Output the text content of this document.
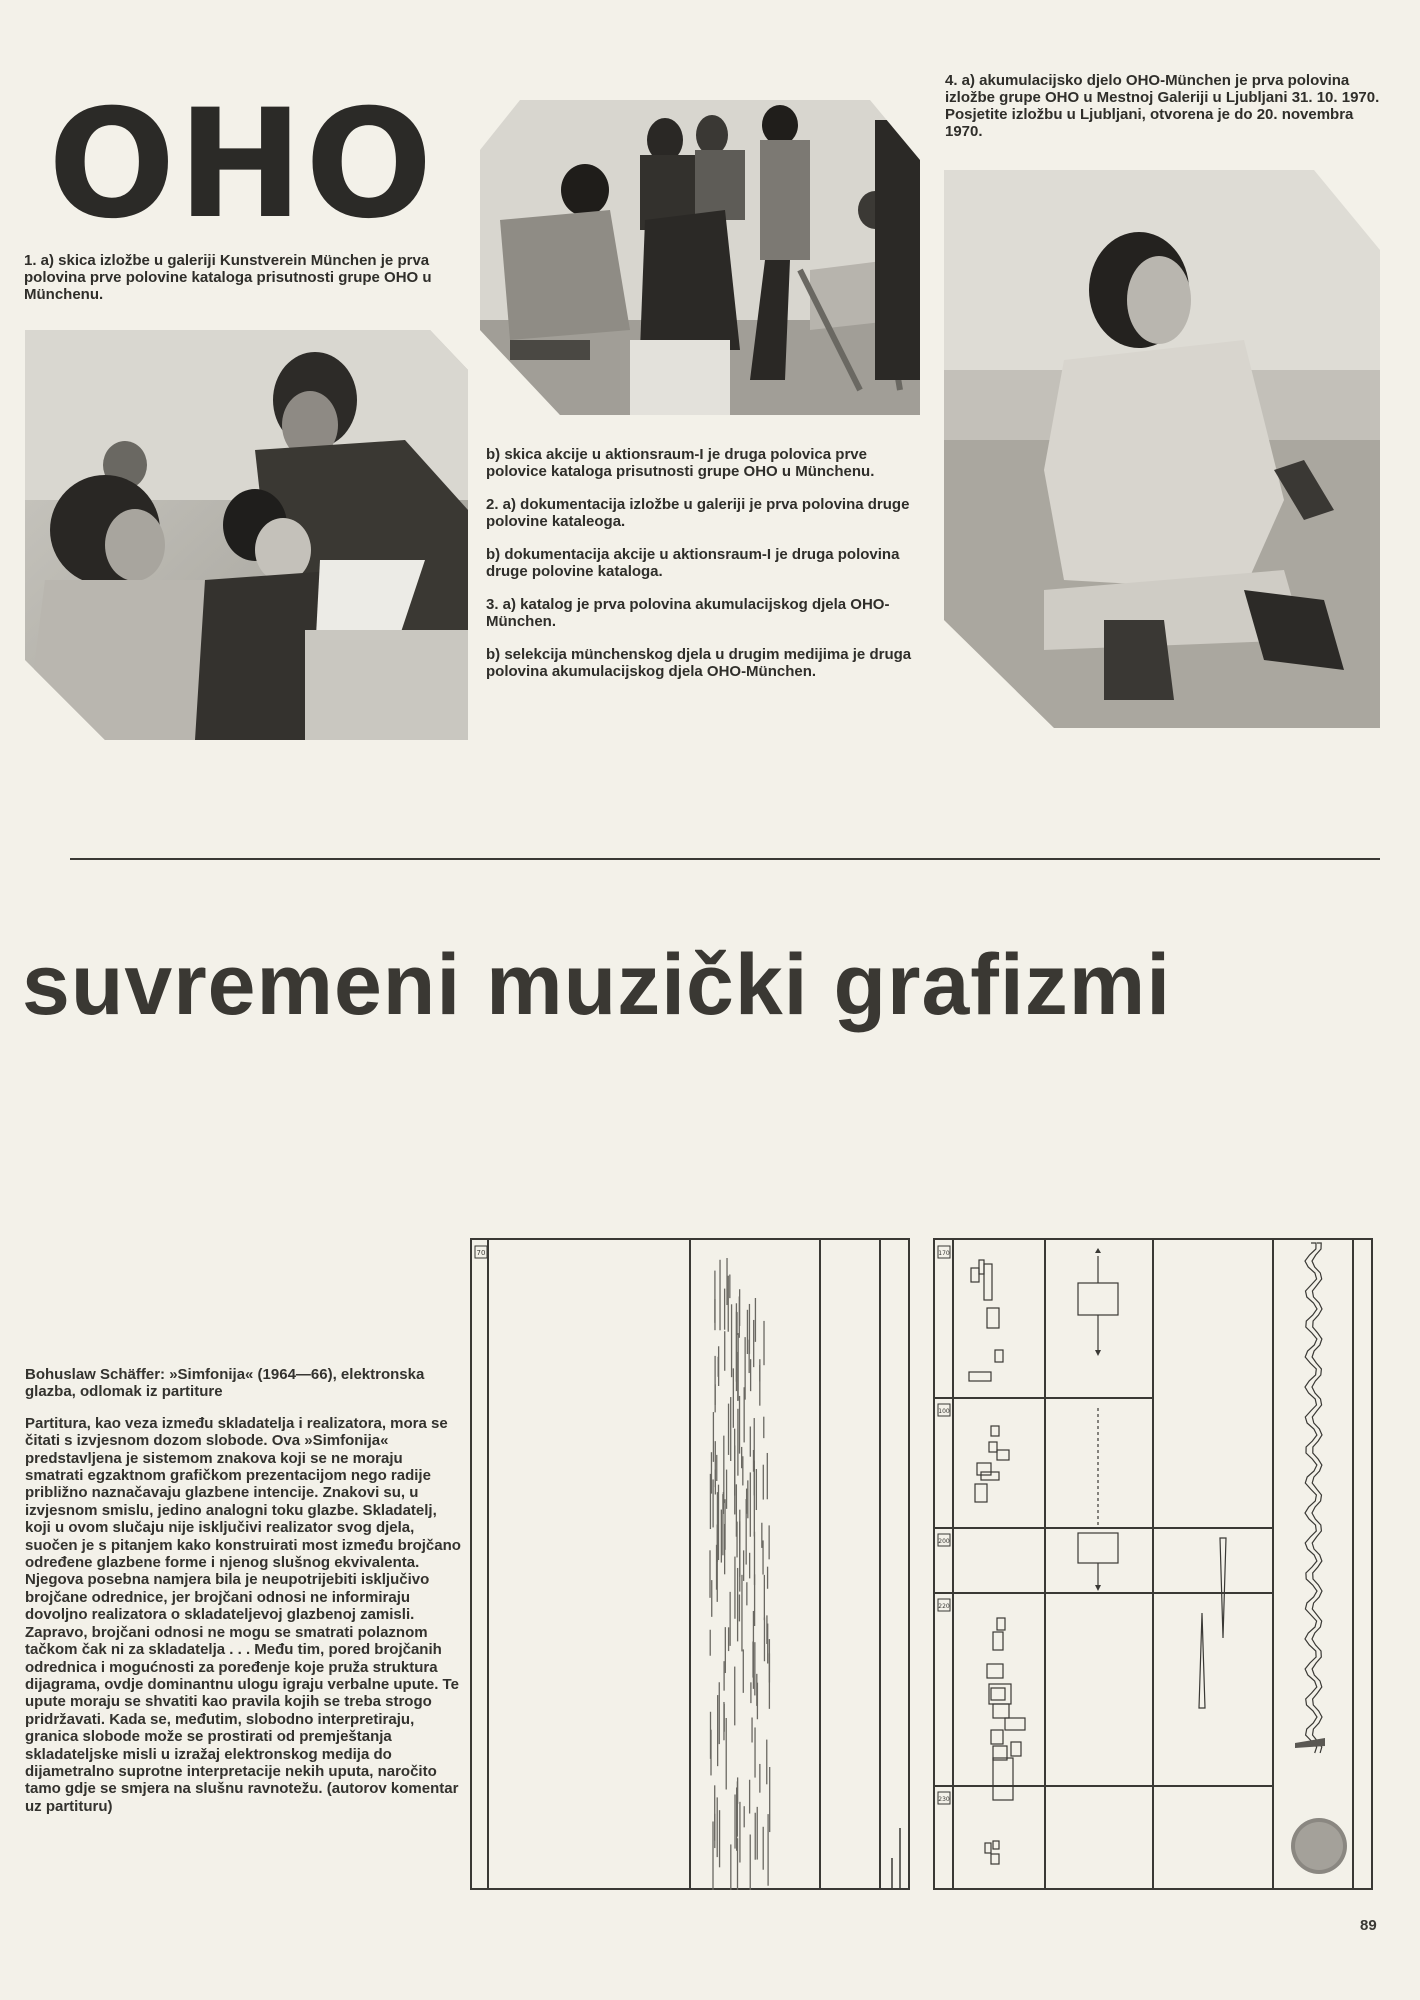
OHO

1. a) skica izložbe u galeriji Kunstverein München je prva polovina prve polovine kataloga prisutnosti grupe OHO u Münchenu.

b) skica akcije u aktionsraum-I je druga polovica prve polovice kataloga prisutnosti grupe OHO u Münchenu.

2. a) dokumentacija izložbe u galeriji je prva polovina druge polovine kataleoga.

b) dokumentacija akcije u aktionsraum-I je druga polovina druge polovine kataloga.

3. a) katalog je prva polovina akumulacijskog djela OHO-München.

b) selekcija münchenskog djela u drugim medijima je druga polovina akumulacijskog djela OHO-München.

4. a) akumulacijsko djelo OHO-München je prva polovina izložbe grupe OHO u Mestnoj Galeriji u Ljubljani 31. 10. 1970. Posjetite izložbu u Ljubljani, otvorena je do 20. novembra 1970.

suvremeni muzički grafizmi

Bohuslaw Schäffer: »Simfonija« (1964—66), elektronska glazba, odlomak iz partiture

Partitura, kao veza između skladatelja i realizatora, mora se čitati s izvjesnom dozom slobode. Ova »Simfonija« predstavljena je sistemom znakova koji se ne moraju smatrati egzaktnom grafičkom prezentacijom nego radije približno naznačavaju glazbene intencije. Znakovi su, u izvjesnom smislu, jedino analogni toku glazbe. Skladatelj, koji u ovom slučaju nije isključivi realizator svog djela, suočen je s pitanjem kako konstruirati most između brojčano određene glazbene forme i njenog slušnog ekvivalenta. Njegova posebna namjera bila je neupotrijebiti isključivo brojčane odrednice, jer brojčani odnosi ne informiraju dovoljno realizatora o skladateljevoj glazbenoj zamisli. Zapravo, brojčani odnosi ne mogu se smatrati polaznom tačkom čak ni za skladatelja . . . Među tim, pored brojčanih odrednica i mogućnosti za poređenje koje pruža struktura dijagrama, ovdje dominantnu ulogu igraju verbalne upute. Te upute moraju se shvatiti kao pravila kojih se treba strogo pridržavati. Kada se, međutim, slobodno interpretiraju, granica slobode može se prostirati od premještanja skladateljske misli u izražaj elektronskog medija do dijametralno suprotne interpretacije nekih uputa, naročito tamo gdje se smjera na slušnu ravnotežu. (autorov komentar uz partituru)

70	170
100
200
220
230
89
